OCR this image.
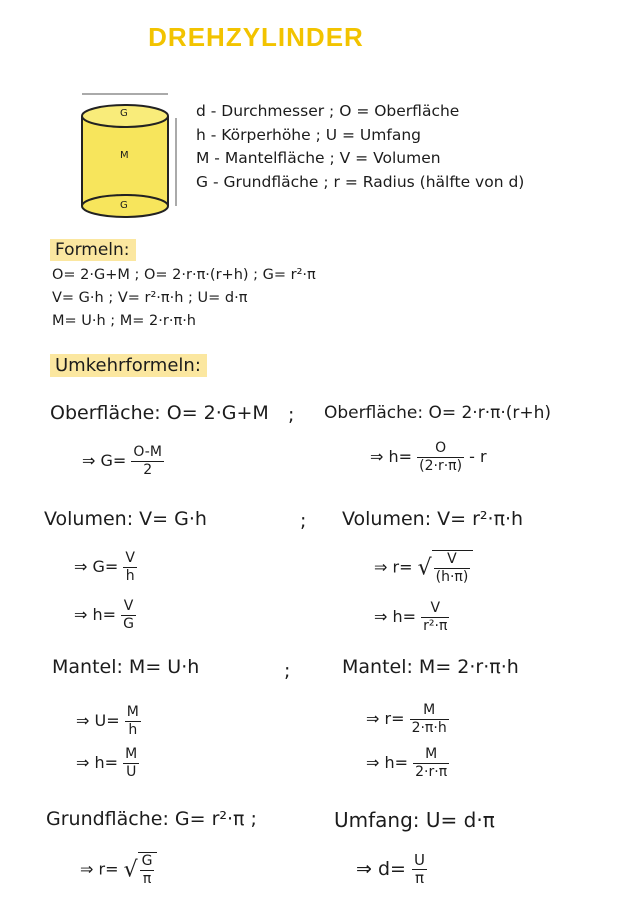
DREHZYLINDER
G
M
G
d - Durchmesser ; O = Oberfläche
h - Körperhöhe ; U = Umfang
M - Mantelfläche ; V = Volumen
G - Grundfläche ; r = Radius (hälfte von d)
Formeln:
O= 2·G+M ; O= 2·r·π·(r+h) ; G= r²·π
V= G·h ; V= r²·π·h ; U= d·π
M= U·h ; M= 2·r·π·h
Umkehrformeln:
Oberfläche: O= 2·G+M ;
⇒ $G= \frac{O-M}{2}$
Oberfläche: O= 2·r·π·(r+h)
⇒ $h= \frac{O}{(2\cdot r\cdot\pi)} - r$
Volumen: V= G·h	;
⇒ $G= \frac{V}{h}$
⇒ $h= \frac{V}{G}$
Volumen: V= r²·π·h
⇒ r= √ $\frac{V}{(h\cdot\pi)}$
⇒ $h= \frac{V}{\text{r²·π}}$
Mantel: M= U·h	;
⇒ $U= \frac{M}{h}$
⇒ $h= \frac{M}{U}$
Mantel: M= 2·r·π·h
⇒ $r= \frac{M}{2\cdot\pi\cdot h}$
⇒ $h= \frac{M}{2\cdot r\cdot\pi}$
Grundfläche: G= r²·π ;
⇒ r= √ $\frac{G}{\pi}$
Umfang: U= d·π
⇒ $d= \frac{U}{\pi}$
